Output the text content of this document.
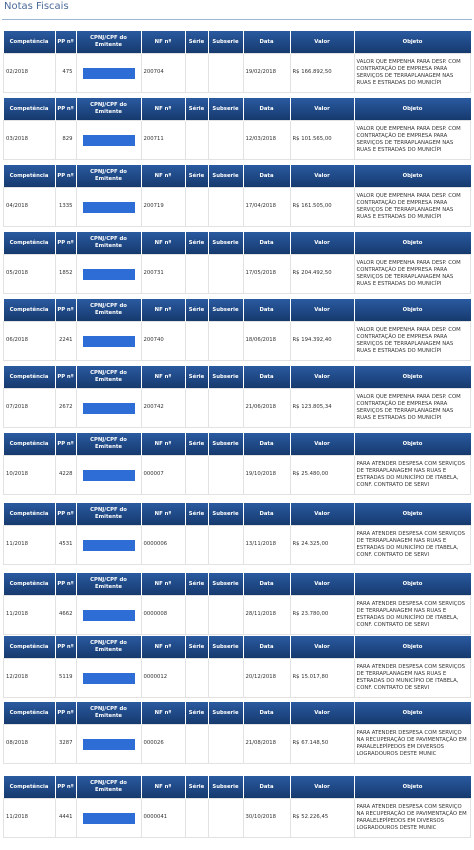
Notas Fiscais
Competência	PP nº	CPNJ/CPF do Emitente	NF nº	Série	Subserie	Data	Valor	Objeto
02/2018	475		200704			19/02/2018	R$ 166.892,50	VALOR QUE EMPENHA PARA DESP. COM CONTRATAÇÃO DE EMPRESA PARA SERVIÇOS DE TERRAPLANAGEM NAS RUAS E ESTRADAS DO MUNICÍPI
Competência	PP nº	CPNJ/CPF do Emitente	NF nº	Série	Subserie	Data	Valor	Objeto
03/2018	829		200711			12/03/2018	R$ 101.565,00	VALOR QUE EMPENHA PARA DESP. COM CONTRATAÇÃO DE EMPRESA PARA SERVIÇOS DE TERRAPLANAGEM NAS RUAS E ESTRADAS DO MUNICÍPI
Competência	PP nº	CPNJ/CPF do Emitente	NF nº	Série	Subserie	Data	Valor	Objeto
04/2018	1335		200719			17/04/2018	R$ 161.505,00	VALOR QUE EMPENHA PARA DESP. COM CONTRATAÇÃO DE EMPRESA PARA SERVIÇOS DE TERRAPLANAGEM NAS RUAS E ESTRADAS DO MUNICÍPI
Competência	PP nº	CPNJ/CPF do Emitente	NF nº	Série	Subserie	Data	Valor	Objeto
05/2018	1852		200731			17/05/2018	R$ 204.492,50	VALOR QUE EMPENHA PARA DESP. COM CONTRATAÇÃO DE EMPRESA PARA SERVIÇOS DE TERRAPLANAGEM NAS RUAS E ESTRADAS DO MUNICÍPI
Competência	PP nº	CPNJ/CPF do Emitente	NF nº	Série	Subserie	Data	Valor	Objeto
06/2018	2241		200740			18/06/2018	R$ 194.392,40	VALOR QUE EMPENHA PARA DESP. COM CONTRATAÇÃO DE EMPRESA PARA SERVIÇOS DE TERRAPLANAGEM NAS RUAS E ESTRADAS DO MUNICÍPI
Competência	PP nº	CPNJ/CPF do Emitente	NF nº	Série	Subserie	Data	Valor	Objeto
07/2018	2672		200742			21/06/2018	R$ 123.805,34	VALOR QUE EMPENHA PARA DESP. COM CONTRATAÇÃO DE EMPRESA PARA SERVIÇOS DE TERRAPLANAGEM NAS RUAS E ESTRADAS DO MUNICÍPI
Competência	PP nº	CPNJ/CPF do Emitente	NF nº	Série	Subserie	Data	Valor	Objeto
10/2018	4228		000007			19/10/2018	R$ 25.480,00	PARA ATENDER DESPESA COM SERVIÇOS DE TERRAPLANAGEM NAS RUAS E ESTRADAS DO MUNICÍPIO DE ITABELA, CONF. CONTRATO DE SERVI
Competência	PP nº	CPNJ/CPF do Emitente	NF nº	Série	Subserie	Data	Valor	Objeto
11/2018	4531		0000006			13/11/2018	R$ 24.325,00	PARA ATENDER DESPESA COM SERVIÇOS DE TERRAPLANAGEM NAS RUAS E ESTRADAS DO MUNICÍPIO DE ITABELA, CONF. CONTRATO DE SERVI
Competência	PP nº	CPNJ/CPF do Emitente	NF nº	Série	Subserie	Data	Valor	Objeto
11/2018	4662		0000008			28/11/2018	R$ 23.780,00	PARA ATENDER DESPESA COM SERVIÇOS DE TERRAPLANAGEM NAS RUAS E ESTRADAS DO MUNICÍPIO DE ITABELA, CONF. CONTRATO DE SERVI
Competência	PP nº	CPNJ/CPF do Emitente	NF nº	Série	Subserie	Data	Valor	Objeto
12/2018	5119		0000012			20/12/2018	R$ 15.017,80	PARA ATENDER DESPESA COM SERVIÇOS DE TERRAPLANAGEM NAS RUAS E ESTRADAS DO MUNICÍPIO DE ITABELA, CONF. CONTRATO DE SERVI
Competência	PP nº	CPNJ/CPF do Emitente	NF nº	Série	Subserie	Data	Valor	Objeto
08/2018	3287		000026			21/08/2018	R$ 67.148,50	PARA ATENDER DESPESA COM SERVIÇO NA RECUPERAÇÃO DE PAVIMENTAÇÃO EM PARALELEPÍPEDOS EM DIVERSOS LOGRADOUROS DESTE MUNIC
Competência	PP nº	CPNJ/CPF do Emitente	NF nº	Série	Subserie	Data	Valor	Objeto
11/2018	4441		0000041			30/10/2018	R$ 52.226,45	PARA ATENDER DESPESA COM SERVIÇO NA RECUPERAÇÃO DE PAVIMENTAÇÃO EM PARALELEPÍPEDOS EM DIVERSOS LOGRADOUROS DESTE MUNIC
